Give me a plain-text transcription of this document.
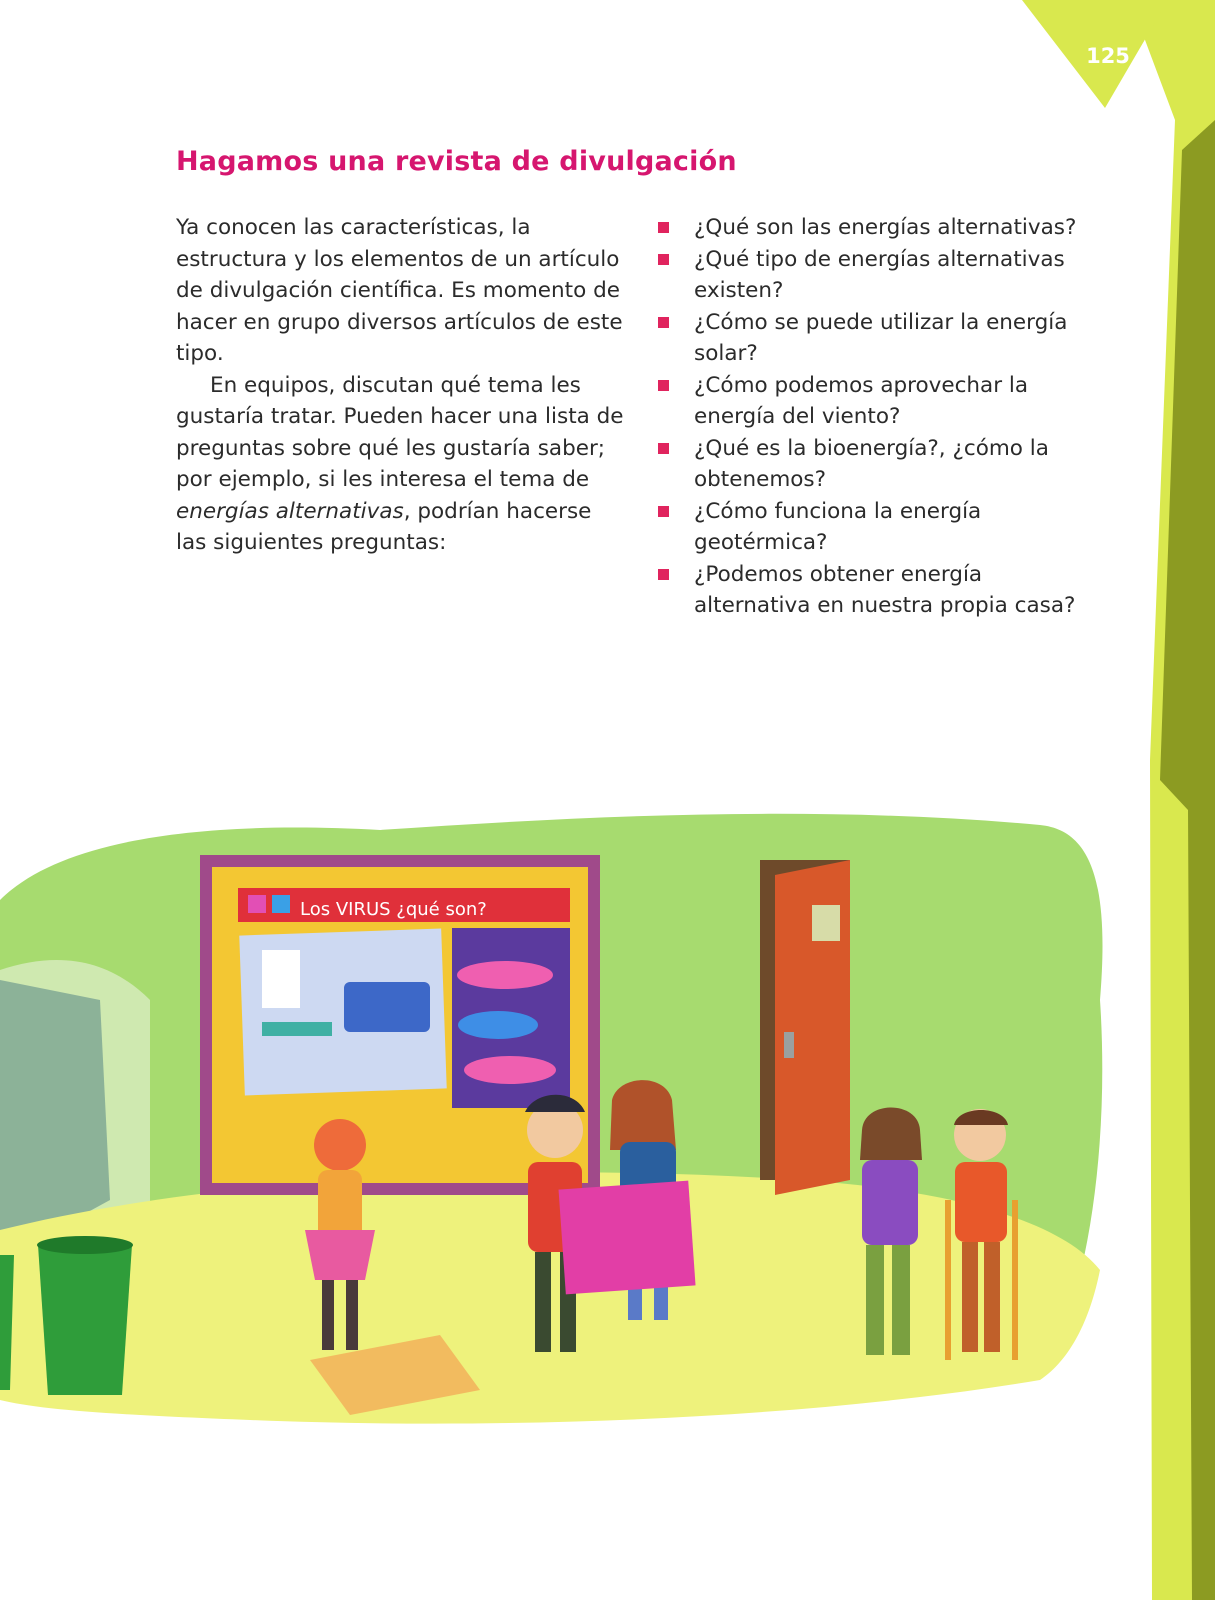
125
Hagamos una revista de divulgación

Ya conocen las características, la estructura y los elementos de un artículo de divulgación científica. Es momento de hacer en grupo diversos artículos de este tipo.

En equipos, discutan qué tema les gustaría tratar. Pueden hacer una lista de preguntas sobre qué les gustaría saber; por ejemplo, si les interesa el tema de energías alternativas, podrían hacerse las siguientes preguntas:

¿Qué son las energías alternativas?
¿Qué tipo de energías alternativas existen?
¿Cómo se puede utilizar la energía solar?
¿Cómo podemos aprovechar la energía del viento?
¿Qué es la bioenergía?, ¿cómo la obtenemos?
¿Cómo funciona la energía geotérmica?
¿Podemos obtener energía alternativa en nuestra propia casa?
Los VIRUS ¿qué son?
